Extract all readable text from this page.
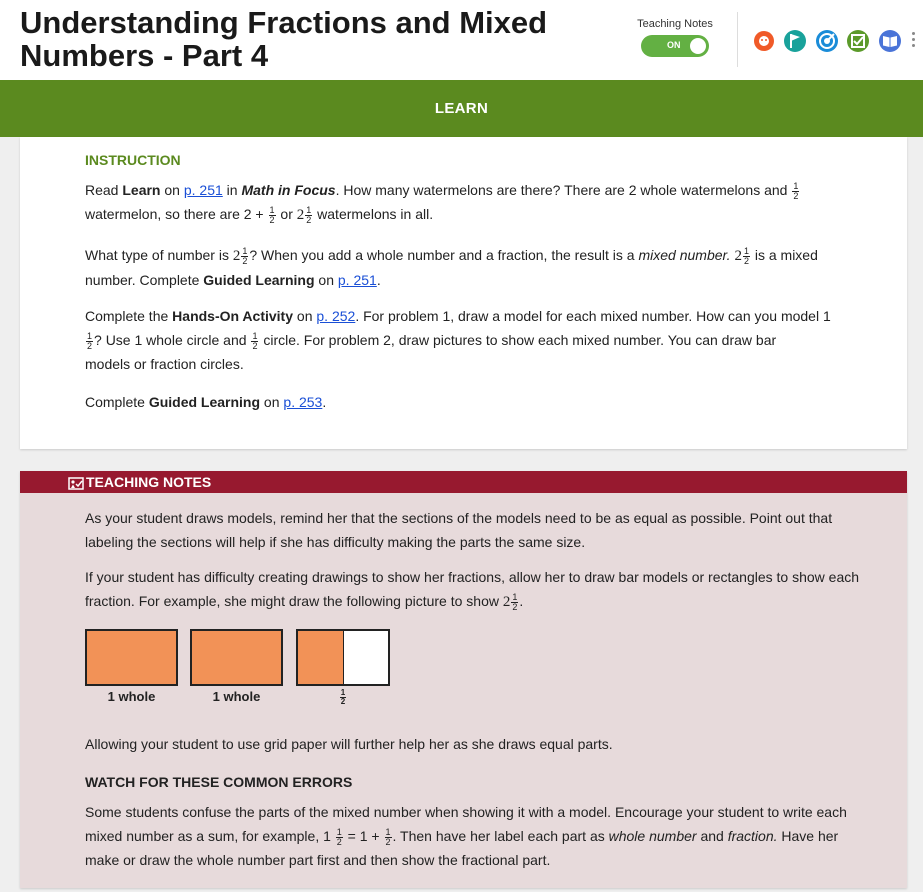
Understanding Fractions and Mixed Numbers - Part 4
Teaching Notes
ON
LEARN
INSTRUCTION

Read Learn on p. 251 in Math in Focus. How many watermelons are there? There are 2 whole watermelons and $\frac{1}{2}$

watermelon, so there are $2 + \frac{1}{2}$ or $2 \frac{1}{2}$ watermelons in all.

What type of number is $2 \frac{1}{2}$ ? When you add a whole number and a fraction, the result is a mixed number. $2 \frac{1}{2}$ is a mixed
number. Complete Guided Learning on p. 251.

Complete the Hands-On Activity on p. 252. For problem 1, draw a model for each mixed number. How can you model 1

$\frac{1}{2}$ ? Use 1 whole circle and $\frac{1}{2}$ circle. For problem 2, draw pictures to show each mixed number. You can draw bar
models or fraction circles.

Complete Guided Learning on p. 253.

TEACHING NOTES

As your student draws models, remind her that the sections of the models need to be as equal as possible. Point out that labeling the sections will help if she has difficulty making the parts the same size.

If your student has difficulty creating drawings to show her fractions, allow her to draw bar models or rectangles to show each fraction. For example, she might draw the following picture to show $2 \frac{1}{2}$ .

1 whole	1 whole	$\frac{1}{2}$

Allowing your student to use grid paper will further help her as she draws equal parts.

WATCH FOR THESE COMMON ERRORS

Some students confuse the parts of the mixed number when showing it with a model. Encourage your student to write each mixed number as a sum, for example, $1 \frac{1}{2} = 1 + \frac{1}{2}$ . Then have her label each part as whole number and fraction. Have her make or draw the whole number part first and then show the fractional part.
